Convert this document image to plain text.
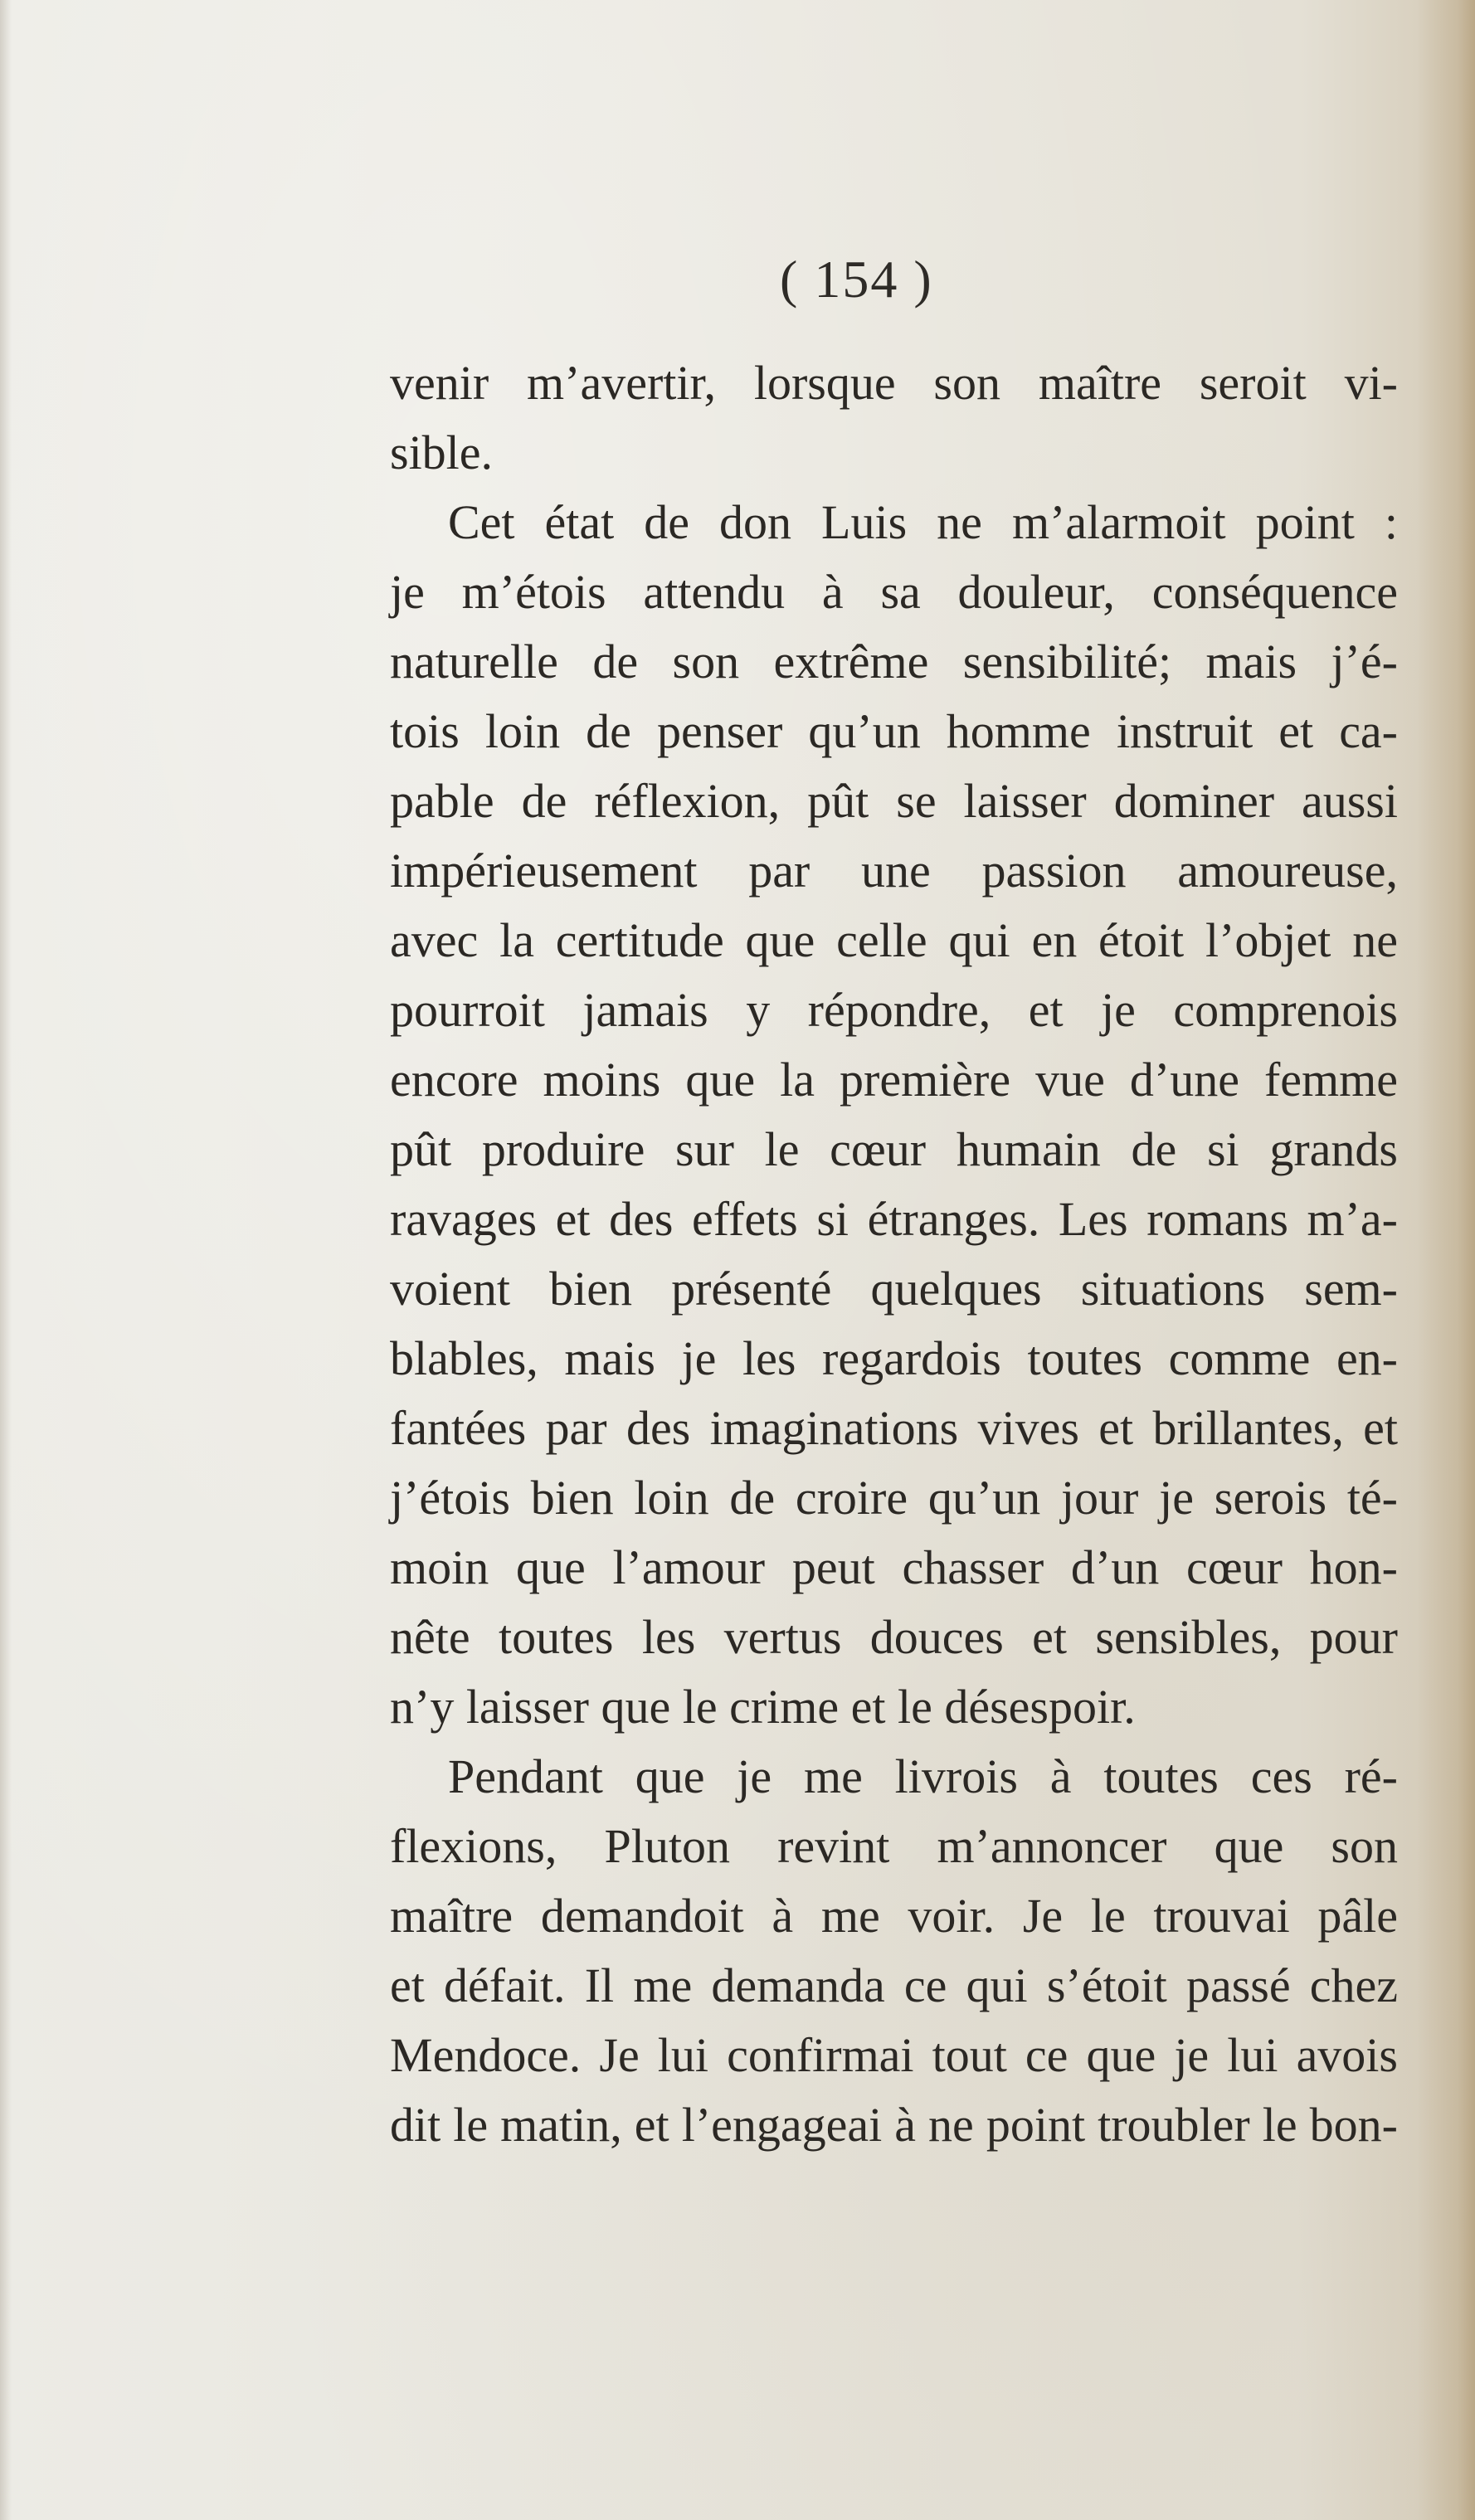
( 154 )
venir m’avertir, lorsque son maître seroit vi-
sible.
Cet état de don Luis ne m’alarmoit point :
je m’étois attendu à sa douleur, conséquence
naturelle de son extrême sensibilité; mais j’é-
tois loin de penser qu’un homme instruit et ca-
pable de réflexion, pût se laisser dominer aussi
impérieusement par une passion amoureuse,
avec la certitude que celle qui en étoit l’objet ne
pourroit jamais y répondre, et je comprenois
encore moins que la première vue d’une femme
pût produire sur le cœur humain de si grands
ravages et des effets si étranges. Les romans m’a-
voient bien présenté quelques situations sem-
blables, mais je les regardois toutes comme en-
fantées par des imaginations vives et brillantes, et
j’étois bien loin de croire qu’un jour je serois té-
moin que l’amour peut chasser d’un cœur hon-
nête toutes les vertus douces et sensibles, pour
n’y laisser que le crime et le désespoir.
Pendant que je me livrois à toutes ces ré-
flexions, Pluton revint m’annoncer que son
maître demandoit à me voir. Je le trouvai pâle
et défait. Il me demanda ce qui s’étoit passé chez
Mendoce. Je lui confirmai tout ce que je lui avois
dit le matin, et l’engageai à ne point troubler le bon-
